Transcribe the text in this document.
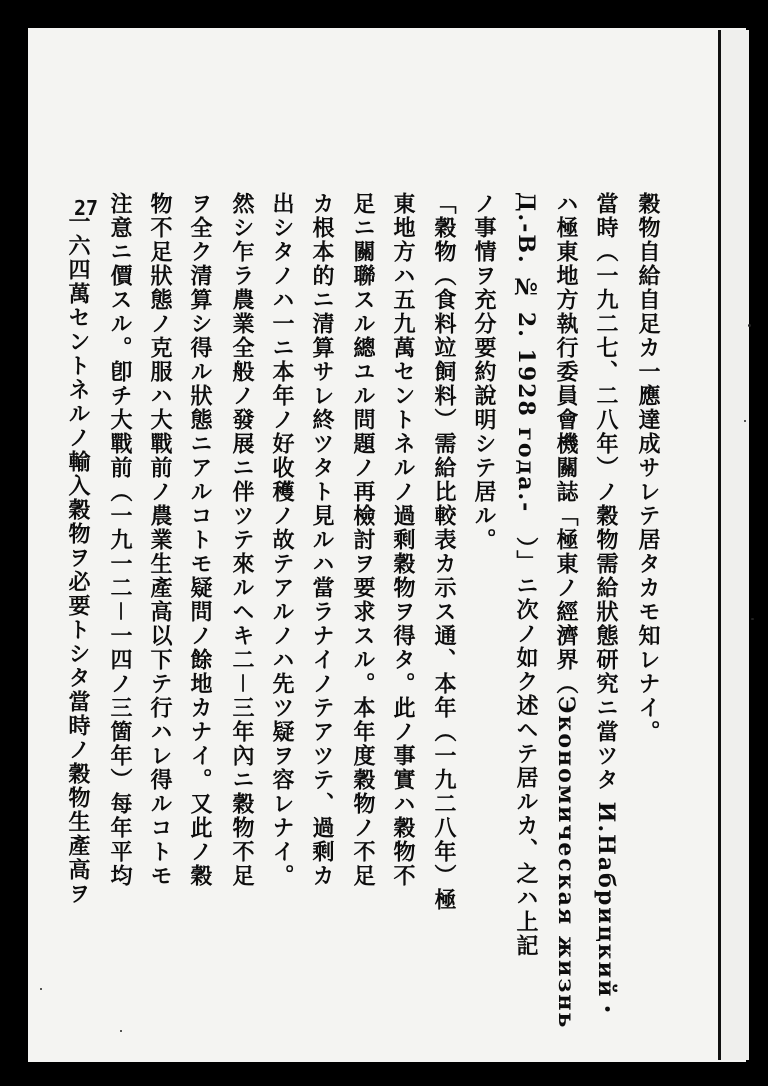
27	穀物自給自足カ一應達成サレテ居タカモ知レナイ。
當時（一九二七、二八年）ノ穀物需給狀態研究ニ當ツタ И.Набрицкий・
ハ極東地方執行委員會機關誌「極東ノ經濟界（Экономическая жизнь
Д.-В. № 2. 1928 года.-　）」ニ次ノ如ク述ヘテ居ルカ、之ハ上記
ノ事情ヲ充分要約說明シテ居ル。
「穀物（食料竝飼料）需給比較表カ示ス通、本年（一九二八年）極
東地方ハ五九萬セントネルノ過剩穀物ヲ得タ。此ノ事實ハ穀物不
足ニ關聯スル總ユル問題ノ再檢討ヲ要求スル。本年度穀物ノ不足
カ根本的ニ清算サレ終ツタト見ルハ當ラナイノテアツテ、過剩カ
出シタノハ一ニ本年ノ好收穫ノ故テアルノハ先ツ疑ヲ容レナイ。
然シ乍ラ農業全般ノ發展ニ伴ツテ來ルヘキ二－三年內ニ穀物不足
ヲ全ク清算シ得ル狀態ニアルコトモ疑問ノ餘地カナイ。又此ノ穀
物不足狀態ノ克服ハ大戰前ノ農業生產高以下テ行ハレ得ルコトモ
注意ニ價スル。卽チ大戰前（一九一二－一四ノ三箇年）每年平均
一六四萬セントネルノ輸入穀物ヲ必要トシタ當時ノ穀物生產高ヲ
